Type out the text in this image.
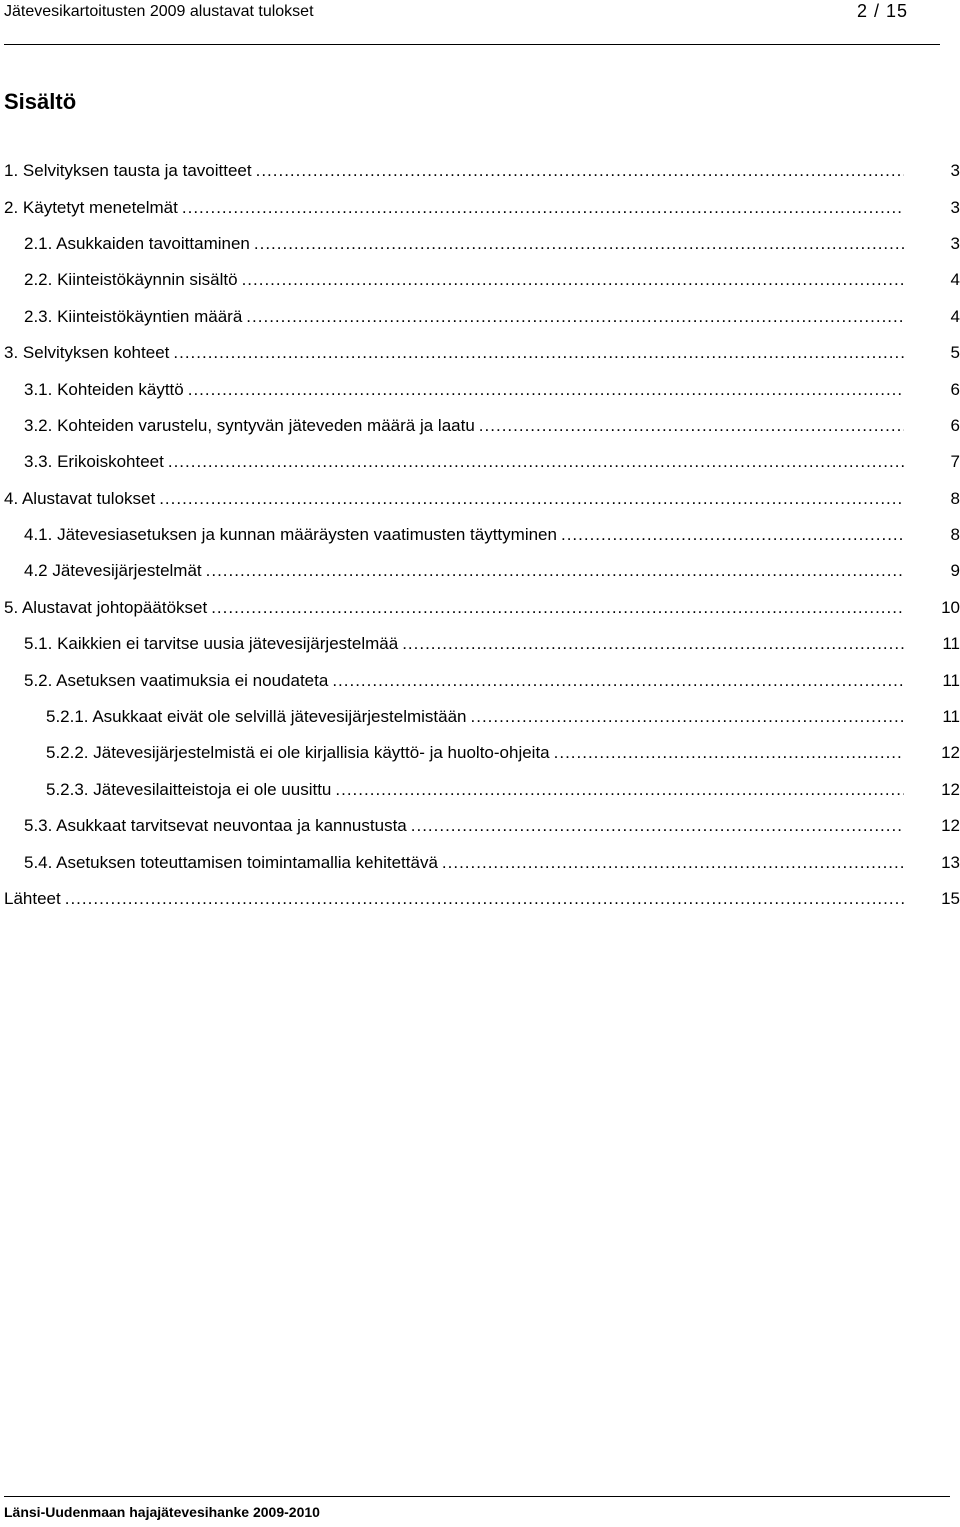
Jätevesikartoitusten 2009 alustavat tulokset	2 / 15
Sisältö
1. Selvityksen tausta ja tavoitteet .....	3
2. Käytetyt menetelmät .....	3
2.1. Asukkaiden tavoittaminen .....	3
2.2. Kiinteistökäynnin sisältö .....	4
2.3. Kiinteistökäyntien määrä .....	4
3. Selvityksen kohteet .....	5
3.1. Kohteiden käyttö .....	6
3.2. Kohteiden varustelu, syntyvän jäteveden määrä ja laatu .....	6
3.3. Erikoiskohteet .....	7
4. Alustavat tulokset .....	8
4.1. Jätevesiasetuksen ja kunnan määräysten vaatimusten täyttyminen .....	8
4.2 Jätevesijärjestelmät .....	9
5. Alustavat johtopäätökset .....	10
5.1. Kaikkien ei tarvitse uusia jätevesijärjestelmää .....	11
5.2. Asetuksen vaatimuksia ei noudateta .....	11
5.2.1. Asukkaat eivät ole selvillä jätevesijärjestelmistään .....	11
5.2.2. Jätevesijärjestelmistä ei ole kirjallisia käyttö- ja huolto-ohjeita .....	12
5.2.3. Jätevesilaitteistoja ei ole uusittu .....	12
5.3. Asukkaat tarvitsevat neuvontaa ja kannustusta .....	12
5.4. Asetuksen toteuttamisen toimintamallia kehitettävä .....	13
Lähteet .....	15
Länsi-Uudenmaan hajajätevesihanke 2009-2010
